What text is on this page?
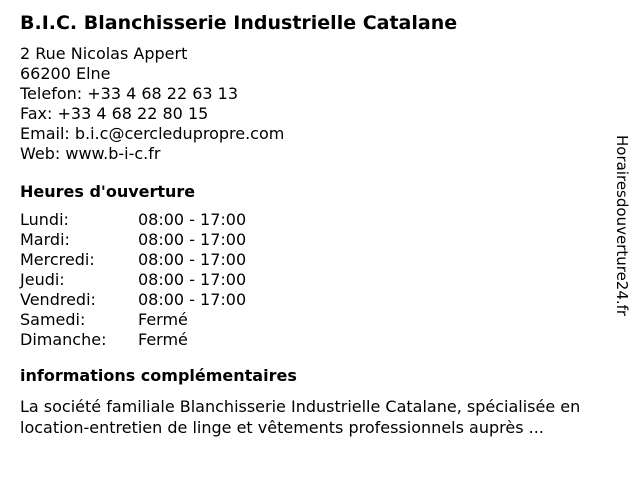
B.I.C. Blanchisserie Industrielle Catalane
2 Rue Nicolas Appert
66200 Elne
Telefon: +33 4 68 22 63 13
Fax: +33 4 68 22 80 15
Email: b.i.c@cercledupropre.com
Web: www.b-i-c.fr
Heures d'ouverture
Lundi:	08:00 - 17:00
Mardi:	08:00 - 17:00
Mercredi:	08:00 - 17:00
Jeudi:	08:00 - 17:00
Vendredi:	08:00 - 17:00
Samedi:	Fermé
Dimanche:	Fermé
informations complémentaires
La société familiale Blanchisserie Industrielle Catalane, spécialisée en location-entretien de linge et vêtements professionnels auprès ...
Horairesdouverture24.fr
